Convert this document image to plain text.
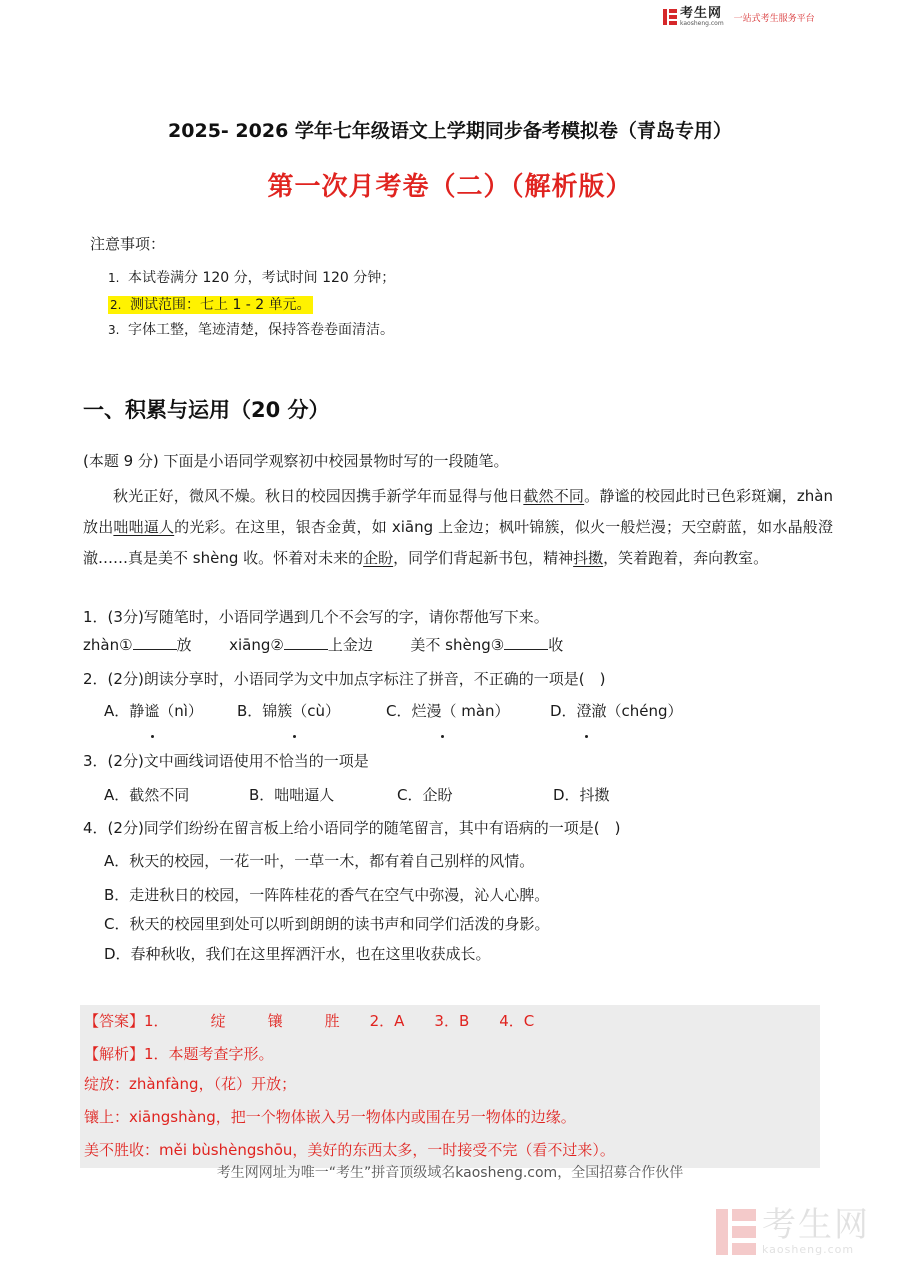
考生网
kaosheng.com 一站式考生服务平台
2025- 2026 学年七年级语文上学期同步备考模拟卷（青岛专用）
第一次月考卷（二）（解析版）
注意事项：
1. 本试卷满分 120 分，考试时间 120 分钟；
2. 测试范围：七上 1 - 2 单元。
3. 字体工整，笔迹清楚，保持答卷卷面清洁。
一、积累与运用（20 分）
(本题 9 分) 下面是小语同学观察初中校园景物时写的一段随笔。
秋光正好，微风不燥。秋日的校园因携手新学年而显得与他日截然不同。静谧的校园此时已色彩斑斓，zhàn 放出咄咄逼人的光彩。在这里，银杏金黄，如 xiāng 上金边；枫叶锦簇，似火一般烂漫；天空蔚蓝，如水晶般澄澈……真是美不 shèng 收。怀着对未来的企盼，同学们背起新书包，精神抖擞，笑着跑着，奔向教室。
1．(3分)写随笔时，小语同学遇到几个不会写的字，请你帮他写下来。
zhàn①	放	xiāng②	上金边	美不 shèng③	收
2．(2分)朗读分享时，小语同学为文中加点字标注了拼音，不正确的一项是(　)
A．静谧（nì） B．锦簇（cù）	C．烂漫（ màn）	D．澄澈（chéng）
3．(2分)文中画线词语使用不恰当的一项是
A．截然不同	B．咄咄逼人	C．企盼	D．抖擞
4．(2分)同学们纷纷在留言板上给小语同学的随笔留言，其中有语病的一项是(　)
A．秋天的校园，一花一叶，一草一木，都有着自己别样的风情。
B．走进秋日的校园，一阵阵桂花的香气在空气中弥漫，沁人心脾。
C．秋天的校园里到处可以听到朗朗的读书声和同学们活泼的身影。
D．春种秋收，我们在这里挥洒汗水，也在这里收获成长。
【答案】1．	绽	镶	胜 2．A 3．B 4．C
【解析】1．本题考查字形。
绽放：zhànfàng，（花）开放；
镶上：xiāngshàng，把一个物体嵌入另一物体内或围在另一物体的边缘。
美不胜收：měi bùshèngshōu，美好的东西太多，一时接受不完（看不过来）。
考生网网址为唯一“考生”拼音顶级域名kaosheng.com，全国招募合作伙伴
考生网
kaosheng.com
